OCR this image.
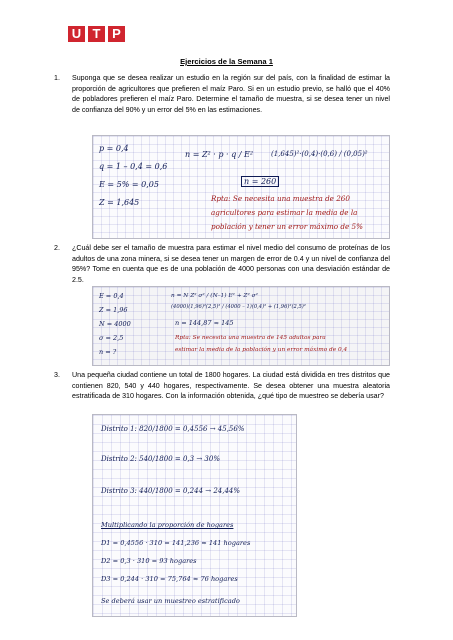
U T P
Ejercicios de la Semana 1
1. Suponga que se desea realizar un estudio en la región sur del país, con la finalidad de estimar la proporción de agricultores que prefieren el maíz Paro. Si en un estudio previo, se halló que el 40% de pobladores prefieren el maíz Paro. Determine el tamaño de muestra, si se desea tener un nivel de confianza del 90% y un error del 5% en las estimaciones.

p = 0,4
q = 1 – 0,4 = 0,6
E = 5% = 0,05
Z = 1,645
n = Z² · p · q / E²	(1,645)²·(0,4)·(0,6) / (0,05)²
n = 260
Rpta: Se necesita una muestra de 260
agricultores para estimar la media de la
población y tener un error máximo de 5%
2. ¿Cuál debe ser el tamaño de muestra para estimar el nivel medio del consumo de proteínas de los adultos de una zona minera, si se desea tener un margen de error de 0.4 y un nivel de confianza del 95%? Tome en cuenta que es de una población de 4000 personas con una desviación estándar de 2.5.

E = 0,4
Z = 1,96
N = 4000
σ = 2,5
n = ?
n = N Z² σ² / (N–1) E² + Z² σ²
(4000)(1,96)²(2,5)² / (4000 – 1)(0,4)² + (1,96)²(2,5)²
n = 144,87 ≈ 145
Rpta: Se necesita una muestra de 145 adultos para
estimar la media de la población y un error máximo de 0,4
3. Una pequeña ciudad contiene un total de 1800 hogares. La ciudad está dividida en tres distritos que contienen 820, 540 y 440 hogares, respectivamente. Se desea obtener una muestra aleatoria estratificada de 310 hogares. Con la información obtenida, ¿qué tipo de muestreo se debería usar?

Distrito 1: 820/1800 = 0,4556 → 45,56%
Distrito 2: 540/1800 = 0,3 → 30%
Distrito 3: 440/1800 = 0,244 → 24,44%
Multiplicando la proporción de hogares
D1 = 0,4556 · 310 = 141,236 ≈ 141 hogares
D2 = 0,3 · 310 = 93 hogares
D3 = 0,244 · 310 = 75,764 ≈ 76 hogares
Se deberá usar un muestreo estratificado
